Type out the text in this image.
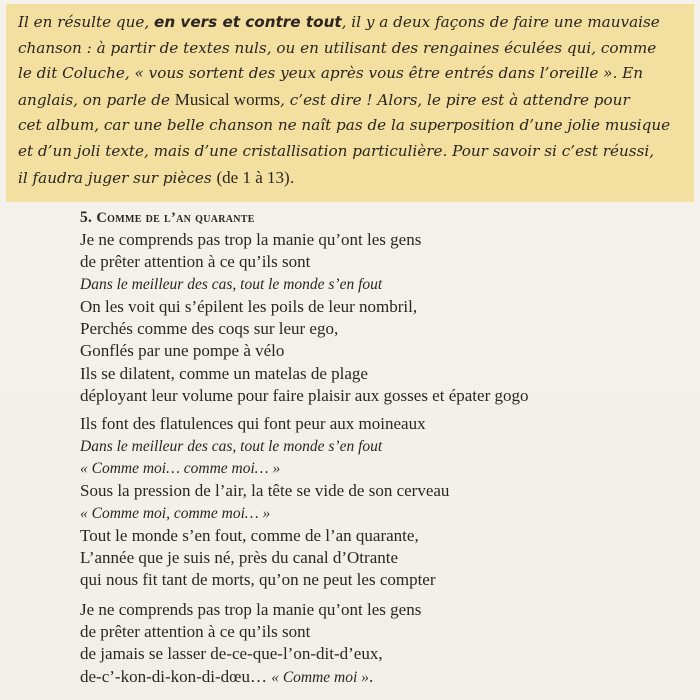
Il en résulte que, en vers et contre tout, il y a deux façons de faire une mauvaise
chanson : à partir de textes nuls, ou en utilisant des rengaines éculées qui, comme
le dit Coluche, « vous sortent des yeux après vous être entrés dans l’oreille ». En
anglais, on parle de Musical worms, c’est dire ! Alors, le pire est à attendre pour
cet album, car une belle chanson ne naît pas de la superposition d’une jolie musique
et d’un joli texte, mais d’une cristallisation particulière. Pour savoir si c’est réussi,
il faudra juger sur pièces (de 1 à 13).
5. Comme de l’an quarante
Je ne comprends pas trop la manie qu’ont les gens
de prêter attention à ce qu’ils sont
Dans le meilleur des cas, tout le monde s’en fout
On les voit qui s’épilent les poils de leur nombril,
Perchés comme des coqs sur leur ego,
Gonflés par une pompe à vélo
Ils se dilatent, comme un matelas de plage
déployant leur volume pour faire plaisir aux gosses et épater gogo
Ils font des flatulences qui font peur aux moineaux
Dans le meilleur des cas, tout le monde s’en fout
« Comme moi… comme moi… »
Sous la pression de l’air, la tête se vide de son cerveau
« Comme moi, comme moi… »
Tout le monde s’en fout, comme de l’an quarante,
L’année que je suis né, près du canal d’Otrante
qui nous fit tant de morts, qu’on ne peut les compter
Je ne comprends pas trop la manie qu’ont les gens
de prêter attention à ce qu’ils sont
de jamais se lasser de-ce-que-l’on-dit-d’eux,
de-c’-kon-di-kon-di-dœu… « Comme moi ».
